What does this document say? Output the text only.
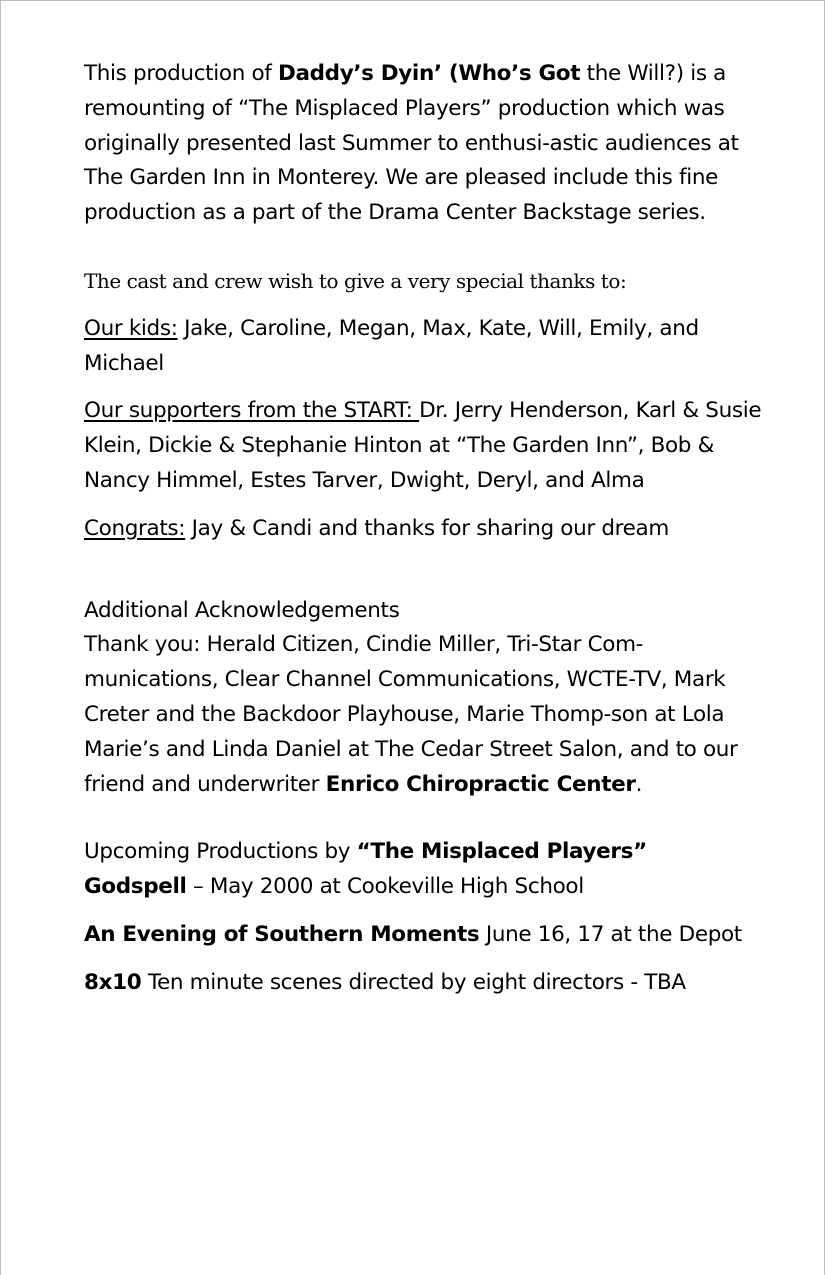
This production of Daddy’s Dyin’ (Who’s Got the Will?) is a remounting of “The Misplaced Players” production which was originally presented last Summer to enthusi-astic audiences at The Garden Inn in Monterey. We are pleased include this fine production as a part of the Drama Center Backstage series.

The cast and crew wish to give a very special thanks to:

Our kids: Jake, Caroline, Megan, Max, Kate, Will, Emily, and Michael

Our supporters from the START: Dr. Jerry Henderson, Karl & Susie Klein, Dickie & Stephanie Hinton at “The Garden Inn”, Bob & Nancy Himmel, Estes Tarver, Dwight, Deryl, and Alma

Congrats: Jay & Candi and thanks for sharing our dream

Additional Acknowledgements

Thank you: Herald Citizen, Cindie Miller, Tri-Star Com-munications, Clear Channel Communications, WCTE-TV, Mark Creter and the Backdoor Playhouse, Marie Thomp-son at Lola Marie’s and Linda Daniel at The Cedar Street Salon, and to our friend and underwriter Enrico Chiropractic Center.

Upcoming Productions by “The Misplaced Players”

Godspell – May 2000 at Cookeville High School

An Evening of Southern Moments June 16, 17 at the Depot

8x10 Ten minute scenes directed by eight directors - TBA
